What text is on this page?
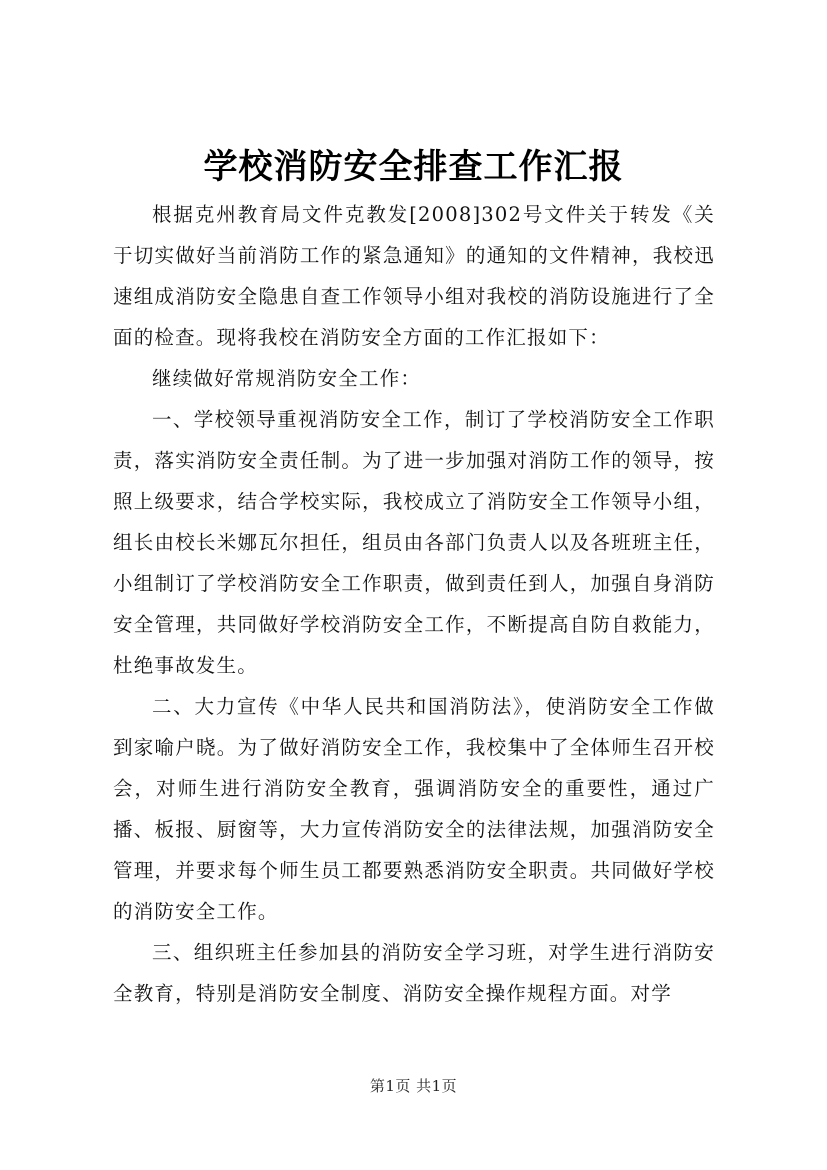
学校消防安全排查工作汇报

根据克州教育局文件克教发[2008]302号文件关于转发《关于切实做好当前消防工作的紧急通知》的通知的文件精神，我校迅速组成消防安全隐患自查工作领导小组对我校的消防设施进行了全面的检查。现将我校在消防安全方面的工作汇报如下：

继续做好常规消防安全工作：

一、学校领导重视消防安全工作，制订了学校消防安全工作职责，落实消防安全责任制。为了进一步加强对消防工作的领导，按照上级要求，结合学校实际，我校成立了消防安全工作领导小组，组长由校长米娜瓦尔担任，组员由各部门负责人以及各班班主任，小组制订了学校消防安全工作职责，做到责任到人，加强自身消防安全管理，共同做好学校消防安全工作，不断提高自防自救能力，杜绝事故发生。

二、大力宣传《中华人民共和国消防法》，使消防安全工作做到家喻户晓。为了做好消防安全工作，我校集中了全体师生召开校会，对师生进行消防安全教育，强调消防安全的重要性，通过广播、板报、厨窗等，大力宣传消防安全的法律法规，加强消防安全管理，并要求每个师生员工都要熟悉消防安全职责。共同做好学校的消防安全工作。

三、组织班主任参加县的消防安全学习班，对学生进行消防安全教育，特别是消防安全制度、消防安全操作规程方面。对学

第1页 共1页
